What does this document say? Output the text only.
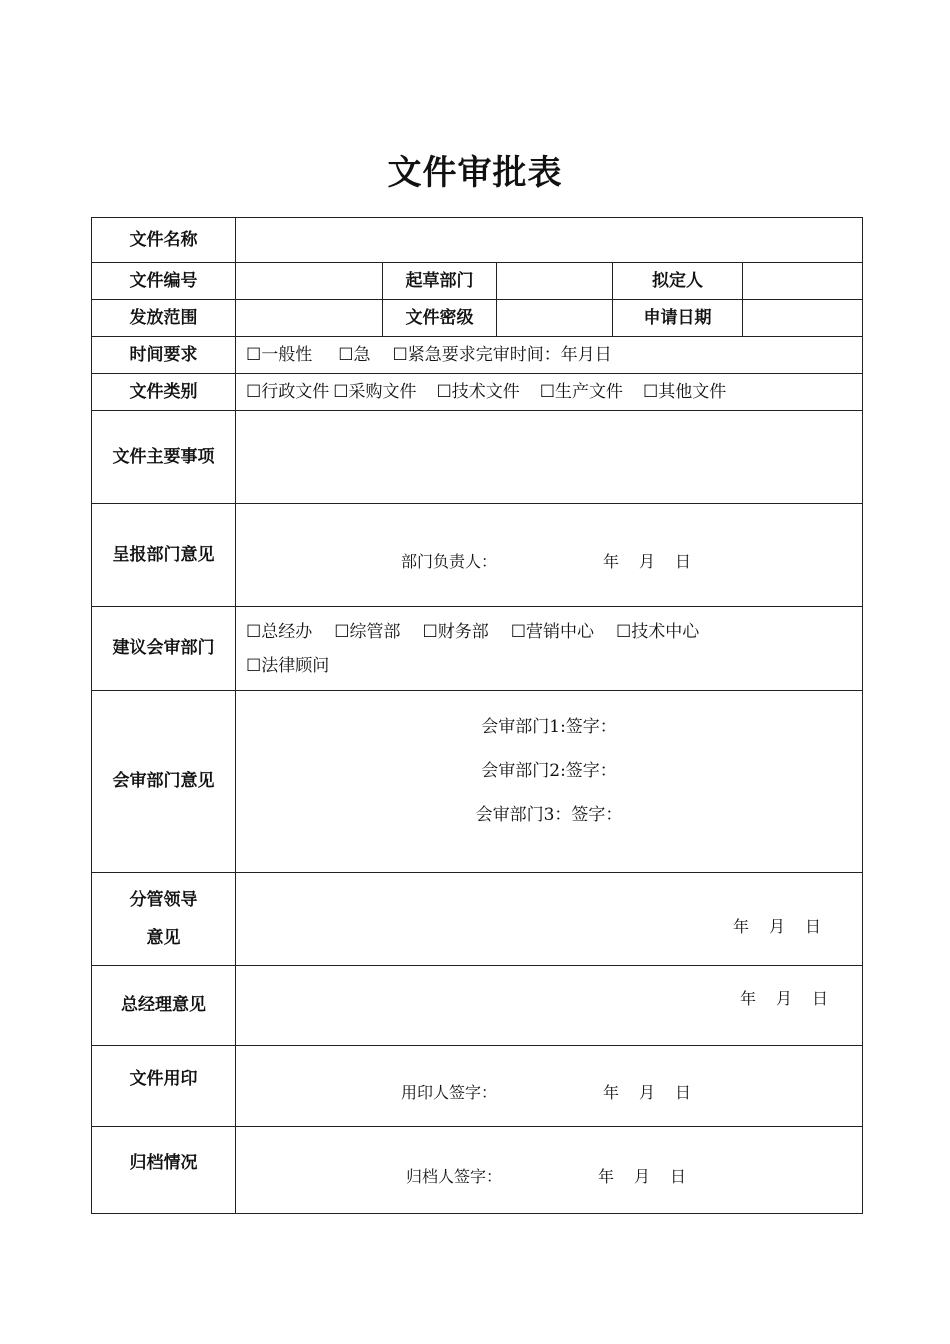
文件审批表
文件名称					
文件编号		起草部门		拟定人	
发放范围		文件密级		申请日期	
时间要求	☐一般性 ☐急 ☐紧急要求完审时间：年月日				
文件类别	☐行政文件 ☐采购文件 ☐技术文件 ☐生产文件 ☐其他文件				
文件主要事项					
呈报部门意见	部门负责人： 年 月 日				

建议会审部门	☐总经办 ☐综管部 ☐财务部 ☐营销中心 ☐技术中心
☐法律顾问				

会审部门意见	会审部门1:签字：
会审部门2:签字：
会审部门3：签字：				

分管领导
意见	年 月 日				

总经理意见	年 月 日				

文件用印	用印人签字： 年 月 日				

归档情况	归档人签字： 年 月 日				
